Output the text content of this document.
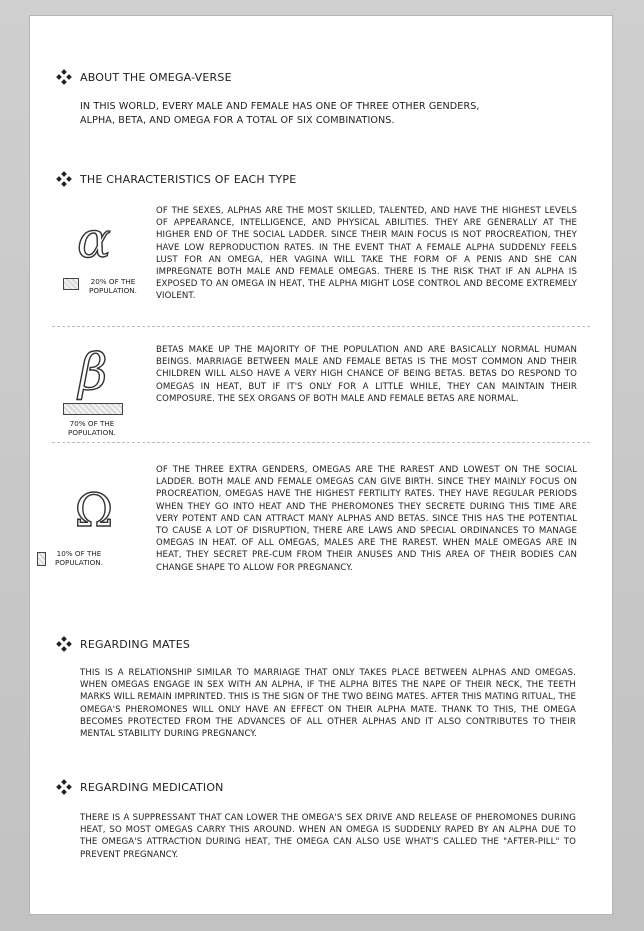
ABOUT THE OMEGA-VERSE
IN THIS WORLD, EVERY MALE AND FEMALE HAS ONE OF THREE OTHER GENDERS, ALPHA, BETA, AND OMEGA FOR A TOTAL OF SIX COMBINATIONS.
THE CHARACTERISTICS OF EACH TYPE
α
20% OF THE POPULATION.
OF THE SEXES, ALPHAS ARE THE MOST SKILLED, TALENTED, AND HAVE THE HIGHEST LEVELS OF APPEARANCE, INTELLIGENCE, AND PHYSICAL ABILITIES. THEY ARE GENERALLY AT THE HIGHER END OF THE SOCIAL LADDER. SINCE THEIR MAIN FOCUS IS NOT PROCREATION, THEY HAVE LOW REPRODUCTION RATES. IN THE EVENT THAT A FEMALE ALPHA SUDDENLY FEELS LUST FOR AN OMEGA, HER VAGINA WILL TAKE THE FORM OF A PENIS AND SHE CAN IMPREGNATE BOTH MALE AND FEMALE OMEGAS. THERE IS THE RISK THAT IF AN ALPHA IS EXPOSED TO AN OMEGA IN HEAT, THE ALPHA MIGHT LOSE CONTROL AND BECOME EXTREMELY VIOLENT.
β
70% OF THE POPULATION.
BETAS MAKE UP THE MAJORITY OF THE POPULATION AND ARE BASICALLY NORMAL HUMAN BEINGS. MARRIAGE BETWEEN MALE AND FEMALE BETAS IS THE MOST COMMON AND THEIR CHILDREN WILL ALSO HAVE A VERY HIGH CHANCE OF BEING BETAS. BETAS DO RESPOND TO OMEGAS IN HEAT, BUT IF IT'S ONLY FOR A LITTLE WHILE, THEY CAN MAINTAIN THEIR COMPOSURE. THE SEX ORGANS OF BOTH MALE AND FEMALE BETAS ARE NORMAL.
Ω
10% OF THE POPULATION.
OF THE THREE EXTRA GENDERS, OMEGAS ARE THE RAREST AND LOWEST ON THE SOCIAL LADDER. BOTH MALE AND FEMALE OMEGAS CAN GIVE BIRTH. SINCE THEY MAINLY FOCUS ON PROCREATION, OMEGAS HAVE THE HIGHEST FERTILITY RATES. THEY HAVE REGULAR PERIODS WHEN THEY GO INTO HEAT AND THE PHEROMONES THEY SECRETE DURING THIS TIME ARE VERY POTENT AND CAN ATTRACT MANY ALPHAS AND BETAS. SINCE THIS HAS THE POTENTIAL TO CAUSE A LOT OF DISRUPTION, THERE ARE LAWS AND SPECIAL ORDINANCES TO MANAGE OMEGAS IN HEAT. OF ALL OMEGAS, MALES ARE THE RAREST. WHEN MALE OMEGAS ARE IN HEAT, THEY SECRET PRE-CUM FROM THEIR ANUSES AND THIS AREA OF THEIR BODIES CAN CHANGE SHAPE TO ALLOW FOR PREGNANCY.
REGARDING MATES
THIS IS A RELATIONSHIP SIMILAR TO MARRIAGE THAT ONLY TAKES PLACE BETWEEN ALPHAS AND OMEGAS. WHEN OMEGAS ENGAGE IN SEX WITH AN ALPHA, IF THE ALPHA BITES THE NAPE OF THEIR NECK, THE TEETH MARKS WILL REMAIN IMPRINTED. THIS IS THE SIGN OF THE TWO BEING MATES. AFTER THIS MATING RITUAL, THE OMEGA'S PHEROMONES WILL ONLY HAVE AN EFFECT ON THEIR ALPHA MATE. THANK TO THIS, THE OMEGA BECOMES PROTECTED FROM THE ADVANCES OF ALL OTHER ALPHAS AND IT ALSO CONTRIBUTES TO THEIR MENTAL STABILITY DURING PREGNANCY.
REGARDING MEDICATION
THERE IS A SUPPRESSANT THAT CAN LOWER THE OMEGA'S SEX DRIVE AND RELEASE OF PHEROMONES DURING HEAT, SO MOST OMEGAS CARRY THIS AROUND. WHEN AN OMEGA IS SUDDENLY RAPED BY AN ALPHA DUE TO THE OMEGA'S ATTRACTION DURING HEAT, THE OMEGA CAN ALSO USE WHAT'S CALLED THE "AFTER-PILL" TO PREVENT PREGNANCY.
